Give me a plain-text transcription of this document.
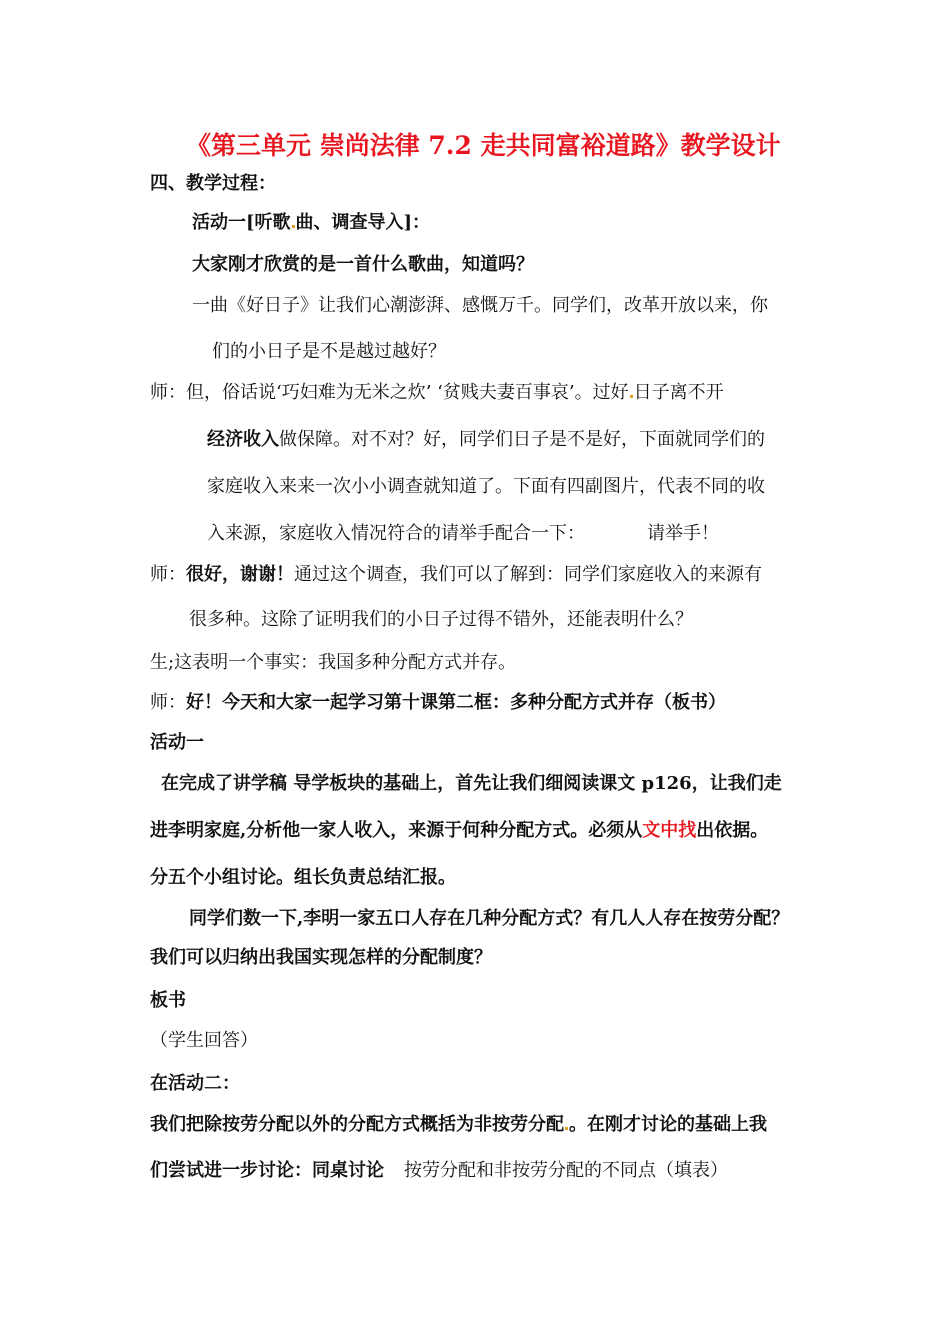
《第三单元 崇尚法律 7.2 走共同富裕道路》教学设计
四、教学过程：
活动一[听歌 曲、调查导入]：
大家刚才欣赏的是一首什么歌曲，知道吗？
一曲《好日子》让我们心潮澎湃、感慨万千。同学们，改革开放以来，你
们的小日子是不是越过越好？
师：但，俗话说‘巧妇难为无米之炊’ ‘贫贱夫妻百事哀’。过好 日子离不开
经济收入做保障。对不对？好，同学们日子是不是好，下面就同学们的
家庭收入来来一次小小调查就知道了。下面有四副图片，代表不同的收
入来源，家庭收入情况符合的请举手配合一下：	请举手！
师：很好，谢谢！通过这个调查，我们可以了解到：同学们家庭收入的来源有
很多种。这除了证明我们的小日子过得不错外，还能表明什么？
生;这表明一个事实：我国多种分配方式并存。
师：好！今天和大家一起学习第十课第二框：多种分配方式并存（板书）
活动一
在完成了讲学稿 导学板块的基础上，首先让我们细阅读课文 p126，让我们走
进李明家庭,分析他一家人收入，来源于何种分配方式。必须从文中找出依据。
分五个小组讨论。组长负责总结汇报。
同学们数一下,李明一家五口人存在几种分配方式？有几人人存在按劳分配？
我们可以归纳出我国实现怎样的分配制度？
板书
（学生回答）
在活动二：
我们把除按劳分配以外的分配方式概括为非按劳分配 。在刚才讨论的基础上我
们尝试进一步讨论：同桌讨论 按劳分配和非按劳分配的不同点（填表）
